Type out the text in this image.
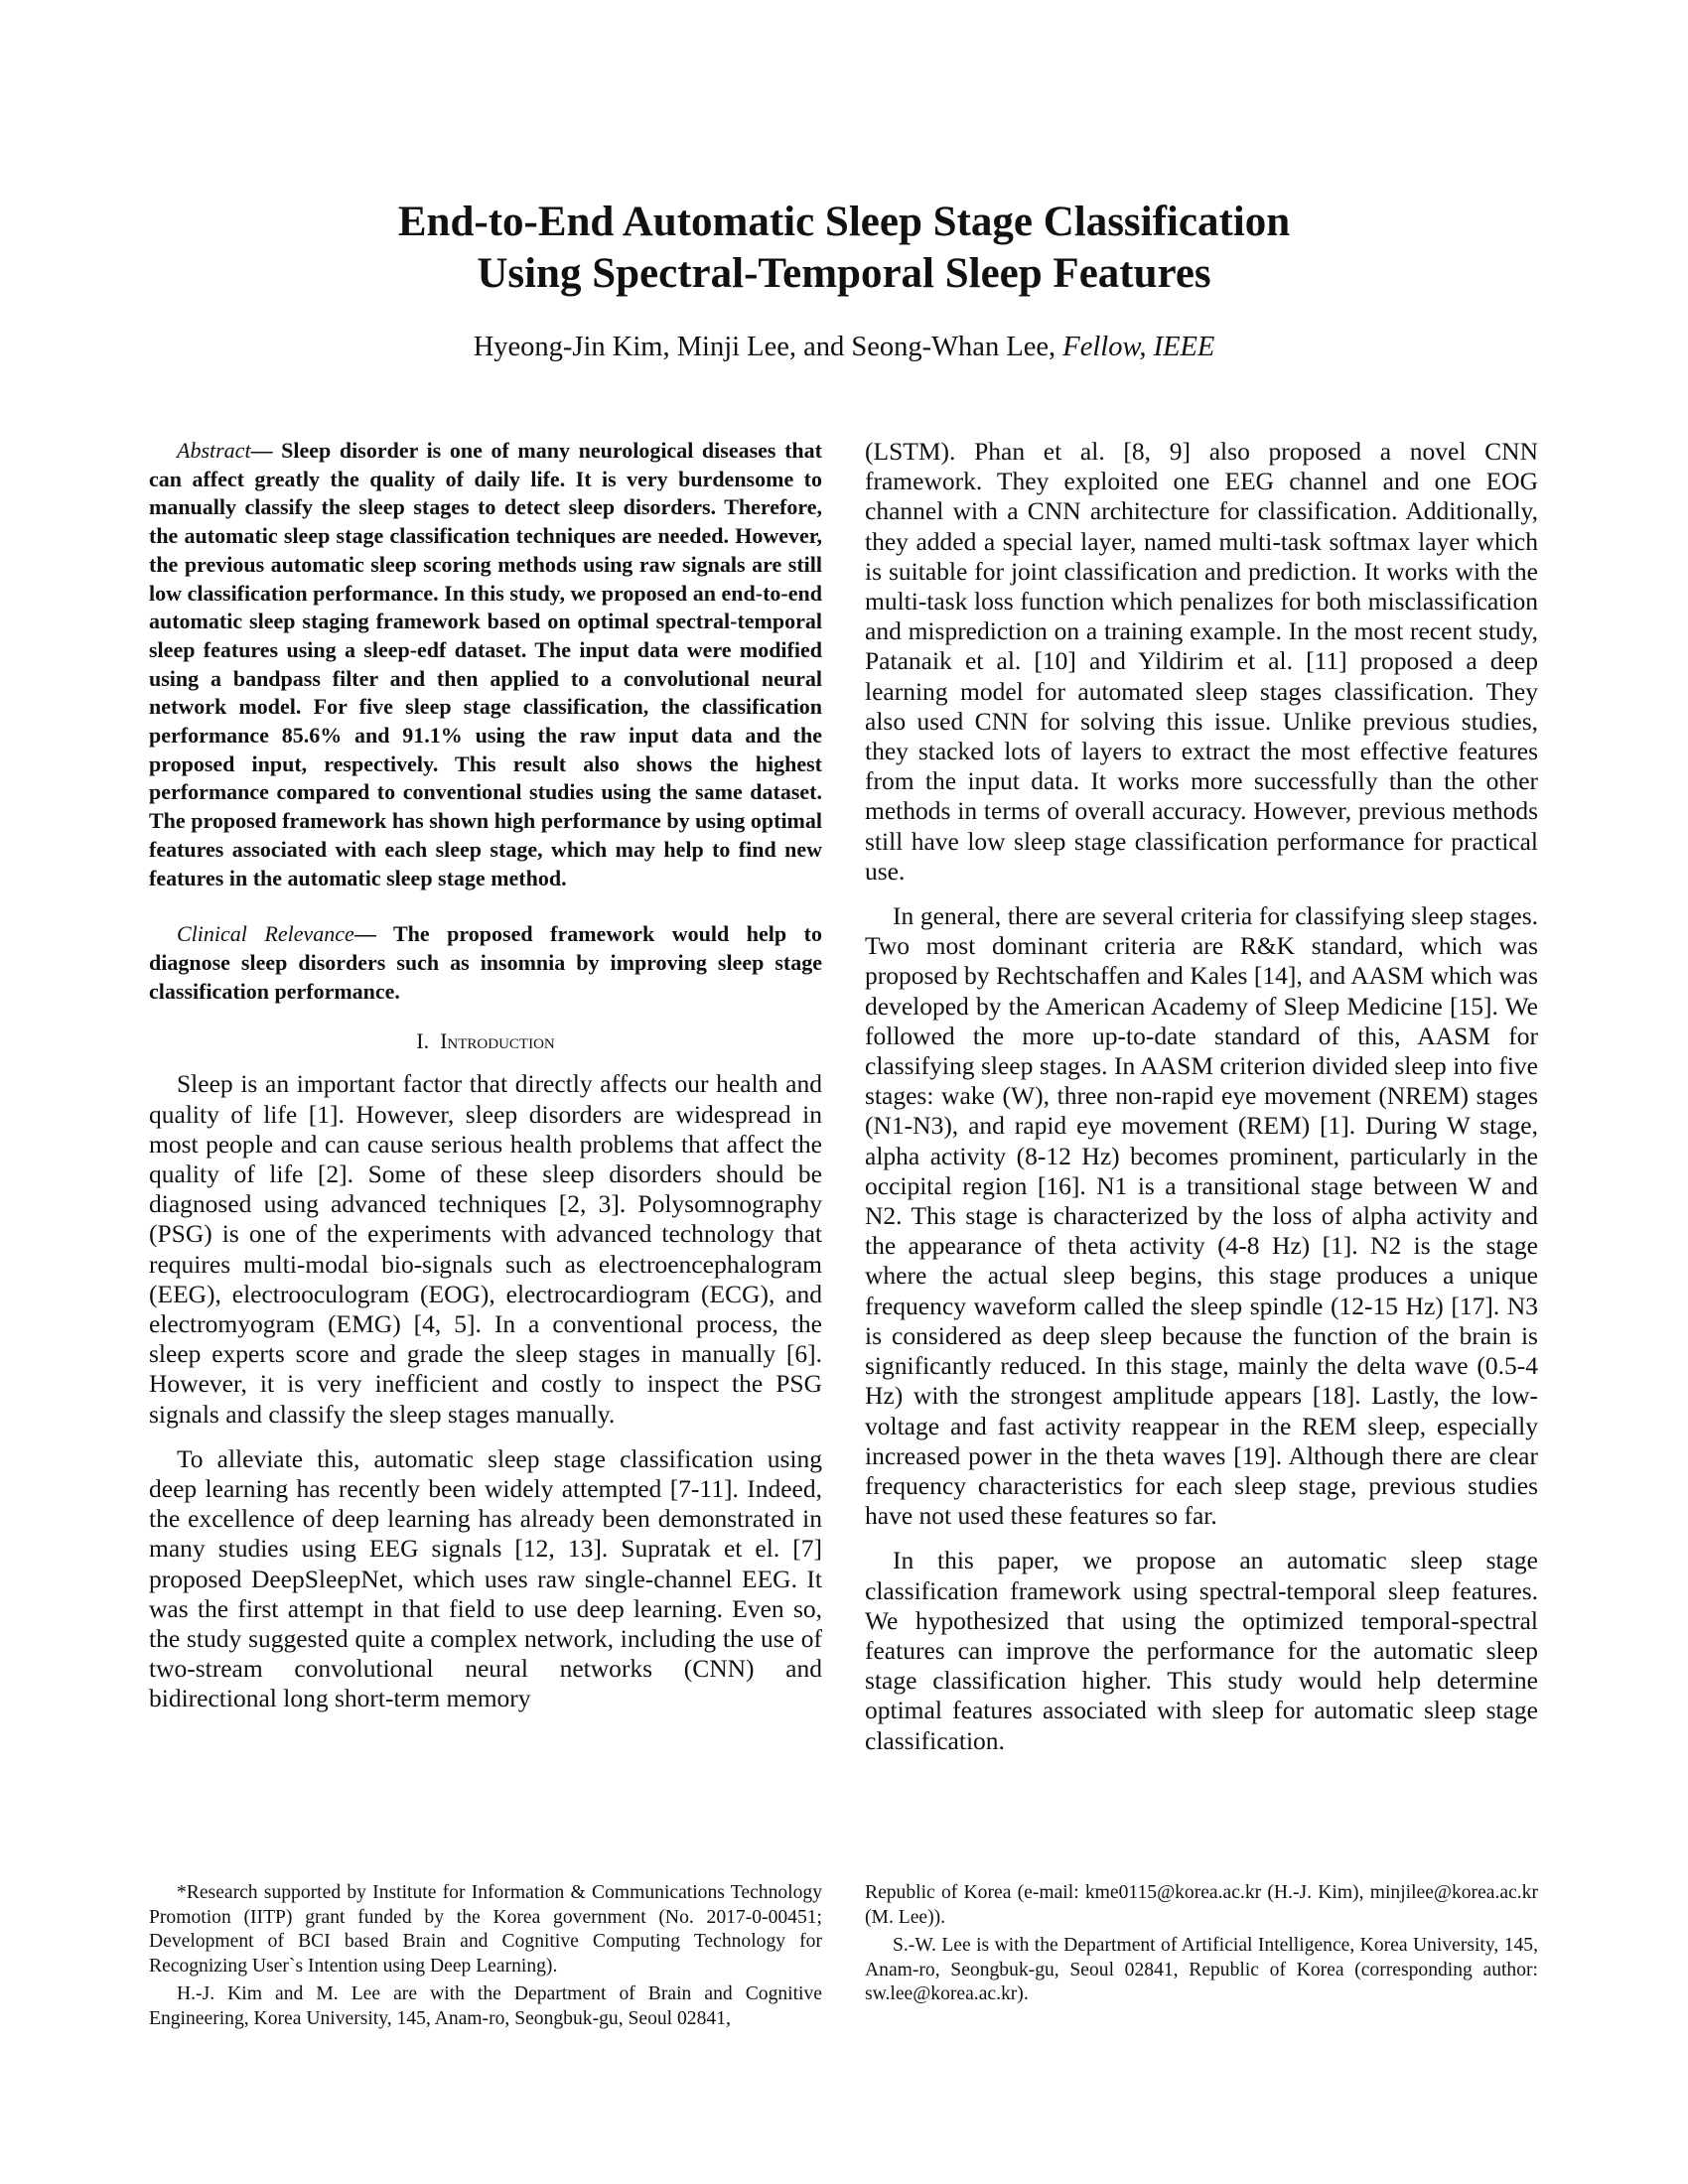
End-to-End Automatic Sleep Stage Classification
Using Spectral-Temporal Sleep Features
Hyeong-Jin Kim, Minji Lee, and Seong-Whan Lee, Fellow, IEEE

Abstract— Sleep disorder is one of many neurological diseases that can affect greatly the quality of daily life. It is very burdensome to manually classify the sleep stages to detect sleep disorders. Therefore, the automatic sleep stage classification techniques are needed. However, the previous automatic sleep scoring methods using raw signals are still low classification performance. In this study, we proposed an end-to-end automatic sleep staging framework based on optimal spectral-temporal sleep features using a sleep-edf dataset. The input data were modified using a bandpass filter and then applied to a convolutional neural network model. For five sleep stage classification, the classification performance 85.6% and 91.1% using the raw input data and the proposed input, respectively. This result also shows the highest performance compared to conventional studies using the same dataset. The proposed framework has shown high performance by using optimal features associated with each sleep stage, which may help to find new features in the automatic sleep stage method.

Clinical Relevance— The proposed framework would help to diagnose sleep disorders such as insomnia by improving sleep stage classification performance.

I. Introduction

Sleep is an important factor that directly affects our health and quality of life [1]. However, sleep disorders are widespread in most people and can cause serious health problems that affect the quality of life [2]. Some of these sleep disorders should be diagnosed using advanced techniques [2, 3]. Polysomnography (PSG) is one of the experiments with advanced technology that requires multi-modal bio-signals such as electroencephalogram (EEG), electrooculogram (EOG), electrocardiogram (ECG), and electromyogram (EMG) [4, 5]. In a conventional process, the sleep experts score and grade the sleep stages in manually [6]. However, it is very inefficient and costly to inspect the PSG signals and classify the sleep stages manually.

To alleviate this, automatic sleep stage classification using deep learning has recently been widely attempted [7-11]. Indeed, the excellence of deep learning has already been demonstrated in many studies using EEG signals [12, 13]. Supratak et el. [7] proposed DeepSleepNet, which uses raw single-channel EEG. It was the first attempt in that field to use deep learning. Even so, the study suggested quite a complex network, including the use of two-stream convolutional neural networks (CNN) and bidirectional long short-term memory

(LSTM). Phan et al. [8, 9] also proposed a novel CNN framework. They exploited one EEG channel and one EOG channel with a CNN architecture for classification. Additionally, they added a special layer, named multi-task softmax layer which is suitable for joint classification and prediction. It works with the multi-task loss function which penalizes for both misclassification and misprediction on a training example. In the most recent study, Patanaik et al. [10] and Yildirim et al. [11] proposed a deep learning model for automated sleep stages classification. They also used CNN for solving this issue. Unlike previous studies, they stacked lots of layers to extract the most effective features from the input data. It works more successfully than the other methods in terms of overall accuracy. However, previous methods still have low sleep stage classification performance for practical use.

In general, there are several criteria for classifying sleep stages. Two most dominant criteria are R&K standard, which was proposed by Rechtschaffen and Kales [14], and AASM which was developed by the American Academy of Sleep Medicine [15]. We followed the more up-to-date standard of this, AASM for classifying sleep stages. In AASM criterion divided sleep into five stages: wake (W), three non-rapid eye movement (NREM) stages (N1-N3), and rapid eye movement (REM) [1]. During W stage, alpha activity (8-12 Hz) becomes prominent, particularly in the occipital region [16]. N1 is a transitional stage between W and N2. This stage is characterized by the loss of alpha activity and the appearance of theta activity (4-8 Hz) [1]. N2 is the stage where the actual sleep begins, this stage produces a unique frequency waveform called the sleep spindle (12-15 Hz) [17]. N3 is considered as deep sleep because the function of the brain is significantly reduced. In this stage, mainly the delta wave (0.5-4 Hz) with the strongest amplitude appears [18]. Lastly, the low-voltage and fast activity reappear in the REM sleep, especially increased power in the theta waves [19]. Although there are clear frequency characteristics for each sleep stage, previous studies have not used these features so far.

In this paper, we propose an automatic sleep stage classification framework using spectral-temporal sleep features. We hypothesized that using the optimized temporal-spectral features can improve the performance for the automatic sleep stage classification higher. This study would help determine optimal features associated with sleep for automatic sleep stage classification.

*Research supported by Institute for Information & Communications Technology Promotion (IITP) grant funded by the Korea government (No. 2017-0-00451; Development of BCI based Brain and Cognitive Computing Technology for Recognizing User`s Intention using Deep Learning).

H.-J. Kim and M. Lee are with the Department of Brain and Cognitive Engineering, Korea University, 145, Anam-ro, Seongbuk-gu, Seoul 02841,

Republic of Korea (e-mail: kme0115@korea.ac.kr (H.-J. Kim), minjilee@korea.ac.kr (M. Lee)).

S.-W. Lee is with the Department of Artificial Intelligence, Korea University, 145, Anam-ro, Seongbuk-gu, Seoul 02841, Republic of Korea (corresponding author: sw.lee@korea.ac.kr).
